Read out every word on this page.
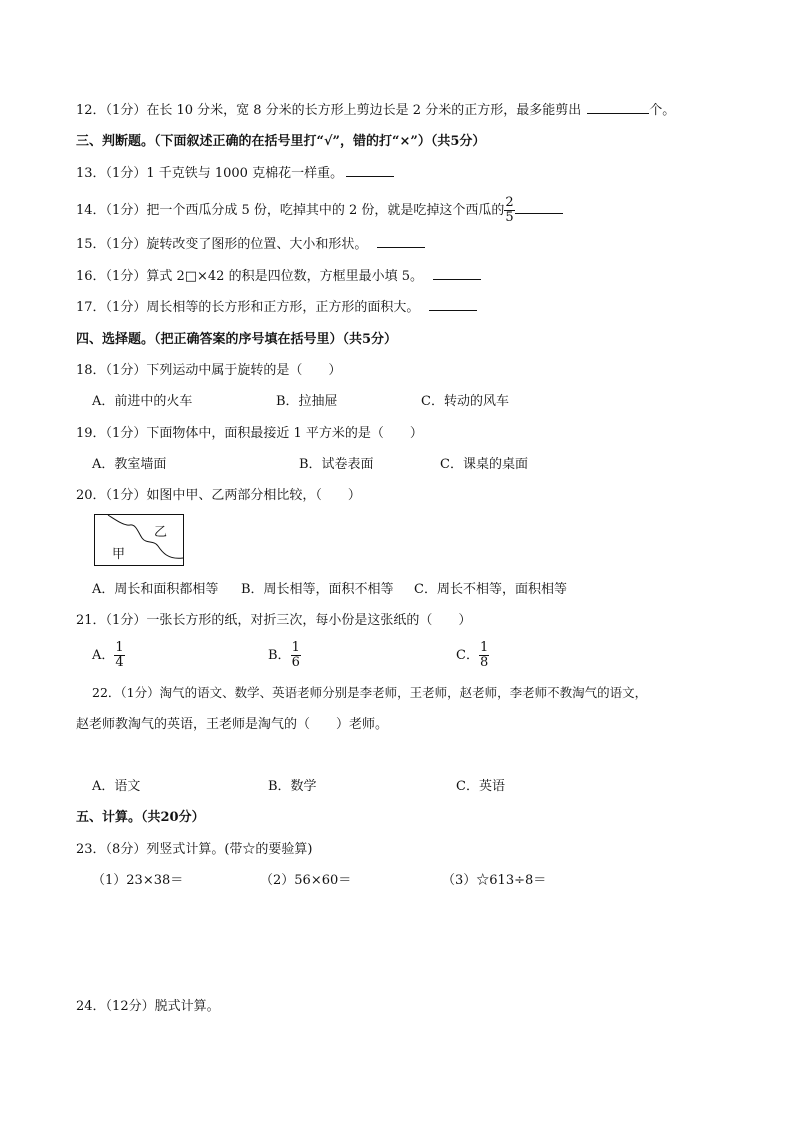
12．（1分）在长 10 分米，宽 8 分米的长方形上剪边长是 2 分米的正方形，最多能剪出	个。
三、判断题。（下面叙述正确的在括号里打“√”，错的打“×”）（共5分）
13．（1分）1 千克铁与 1000 克棉花一样重。
14．（1分）把一个西瓜分成 5 份，吃掉其中的 2 份，就是吃掉这个西瓜的 $\frac{2}{5}$
15．（1分）旋转改变了图形的位置、大小和形状。
16．（1分）算式 2□×42 的积是四位数，方框里最小填 5。
17．（1分）周长相等的长方形和正方形，正方形的面积大。
四、选择题。（把正确答案的序号填在括号里）（共5分）
18．（1分）下列运动中属于旋转的是（　　）
A．前进中的火车	B．拉抽屉	C．转动的风车
19．（1分）下面物体中，面积最接近 1 平方米的是（　　）
A．教室墙面	B．试卷表面	C．课桌的桌面
20．（1分）如图中甲、乙两部分相比较，（　　）
甲
乙
A．周长和面积都相等 B．周长相等，面积不相等 C．周长不相等，面积相等
21．（1分）一张长方形的纸，对折三次，每小份是这张纸的（　　）
A． $\frac{1}{4}$	B． $\frac{1}{6}$	C． $\frac{1}{8}$
22．（1分）淘气的语文、数学、英语老师分别是李老师，王老师，赵老师，李老师不教淘气的语文，
赵老师教淘气的英语，王老师是淘气的（　　）老师。
A．语文	B．数学	C．英语
五、计算。（共20分）
23．（8分）列竖式计算。(带☆的要验算)
（1）23×38＝	（2）56×60＝	（3）☆613÷8＝
24．（12分）脱式计算。
